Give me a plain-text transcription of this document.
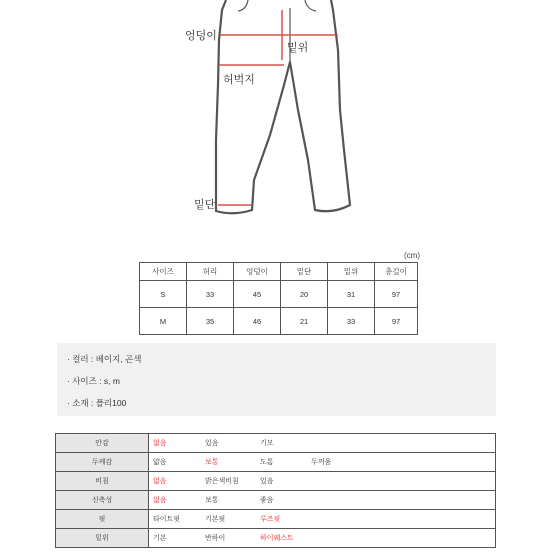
엉덩이
밑위
허벅지
밑단
(cm)
사이즈	허리	엉덩이	밑단	밑위	총길이
S	33	45	20	31	97
M	35	46	21	33	97
· 컬러 : 베이지, 곤색
· 사이즈 : s, m
· 소재 : 폴리100
안감	없음 있음 기모

두께감	얇음 보통 도톰 두꺼움

비침	없음 밝은색비침 있음

신축성	없음 보통 좋음

핏	타이트핏 기본핏 루즈핏

밑위	기본 반하이 하이웨스트
